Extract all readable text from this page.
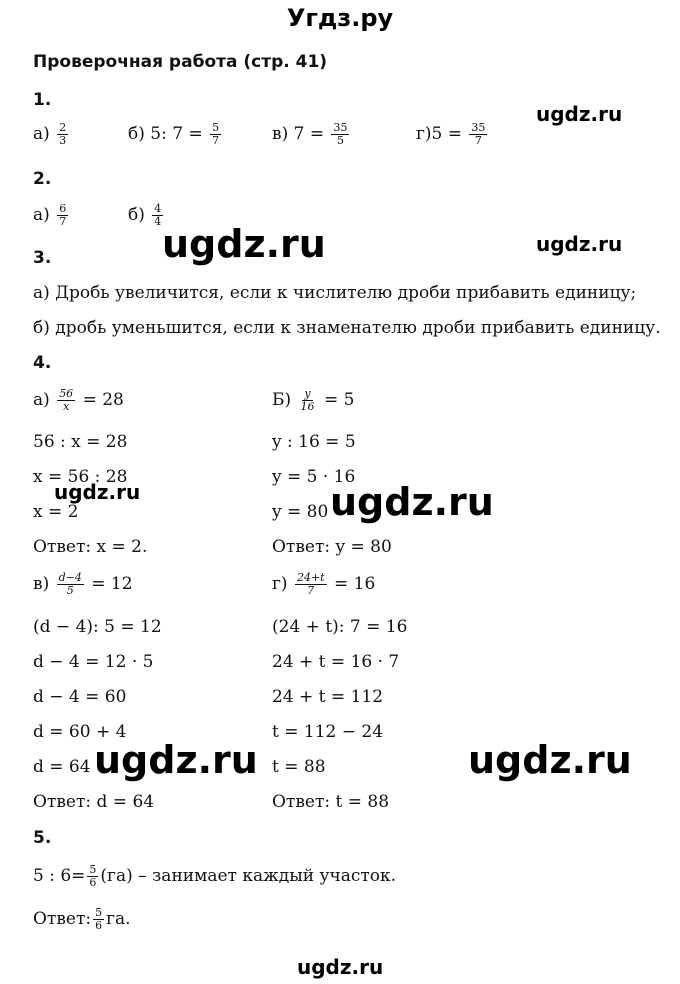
Угдз.ру
Проверочная работа (стр. 41)
1.
$а) \frac{2}{3}$	б) 5: $7 = \frac{5}{7}$	в) $7 = \frac{35}{5}$	$г)5 = \frac{35}{7}$
2.
$а) \frac{6}{7}$	$б) \frac{4}{4}$
3.
а) Дробь увеличится, если к числителю дроби прибавить единицу;
б) дробь уменьшится, если к знаменателю дроби прибавить единицу.
4.
$а) \frac{56}{x} = 28$
56 : x = 28
x = 56 : 28
x = 2
Ответ: x = 2.
$Б) \frac{y}{16} = 5$
y : 16 = 5
y = 5 · 16
y = 80
Ответ: y = 80
$в) \frac{d-4}{5} = 12$
(d − 4): 5 = 12
d − 4 = 12 · 5
d − 4 = 60
d = 60 + 4
d = 64
Ответ: d = 64
$г) \frac{24+t}{7} = 16$
(24 + t): 7 = 16
24 + t = 16 · 7
24 + t = 112
t = 112 − 24
t = 88
Ответ: t = 88
5.
5 : $6= \frac{5}{6} (га)$ – занимает каждый участок.
Ответ: $\frac{5}{6}$ га.
ugdz.ru
ugdz.ru	ugdz.ru
ugdz.ru	ugdz.ru
ugdz.ru	ugdz.ru
ugdz.ru
